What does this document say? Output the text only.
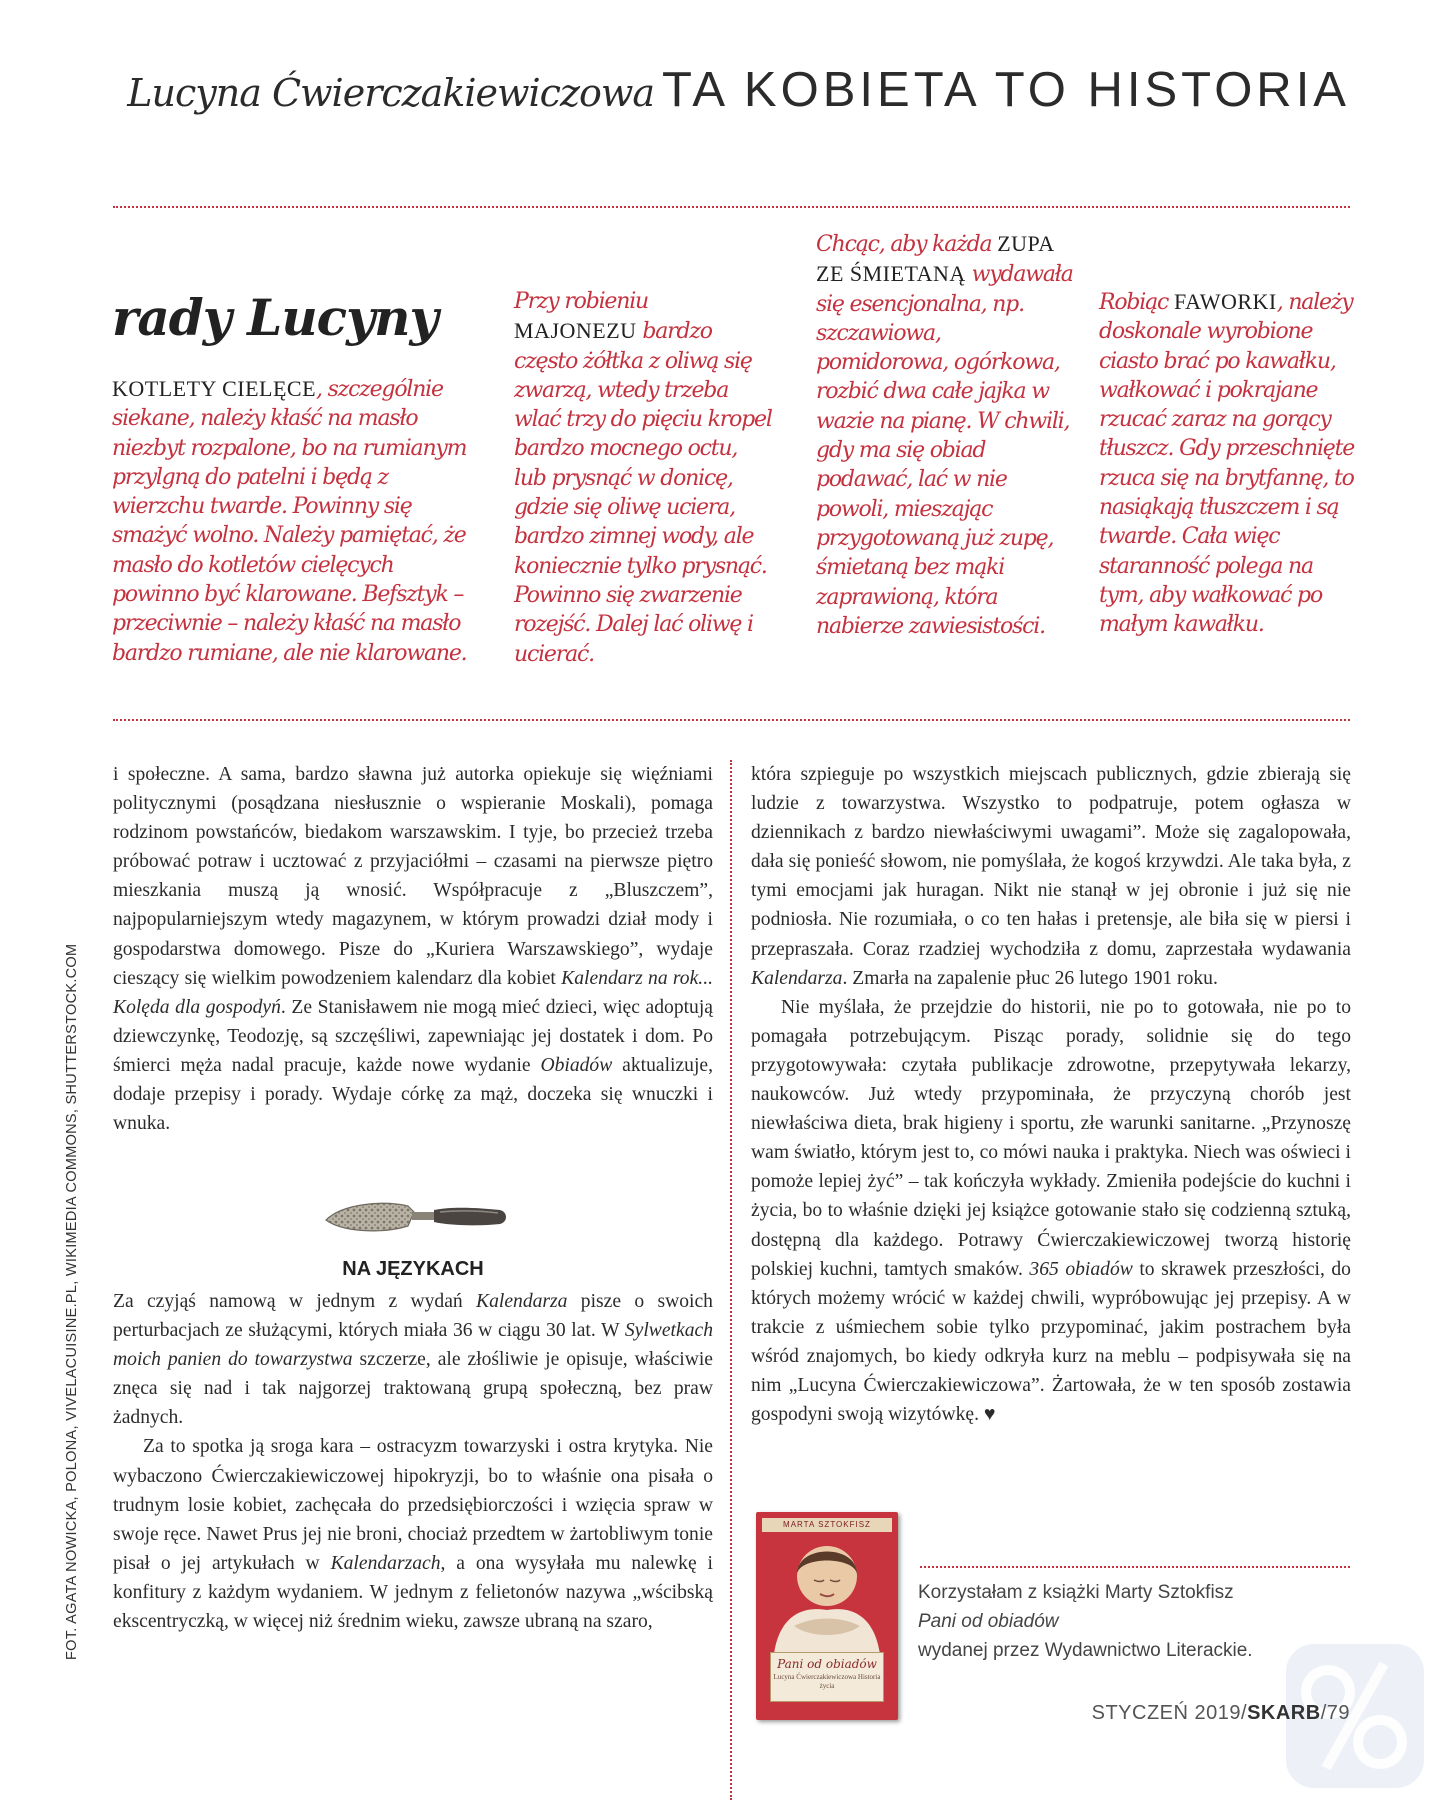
Lucyna Ćwierczakiewiczowa TA KOBIETA TO HISTORIA
rady Lucyny
KOTLETY CIELĘCE, szczególnie siekane, należy kłaść na masło niezbyt rozpalone, bo na rumianym przylgną do patelni i będą z wierzchu twarde. Powinny się smażyć wolno. Należy pamiętać, że masło do kotletów cielęcych powinno być klarowane. Befsztyk – przeciwnie – należy kłaść na masło bardzo rumiane, ale nie klarowane.
Przy robieniu MAJONEZU bardzo często żółtka z oliwą się zwarzą, wtedy trzeba wlać trzy do pięciu kropel bardzo mocnego octu, lub prysnąć w donicę, gdzie się oliwę uciera, bardzo zimnej wody, ale koniecznie tylko prysnąć. Powinno się zwarzenie rozejść. Dalej lać oliwę i ucierać.
Chcąc, aby każda ZUPA ZE ŚMIETANĄ wydawała się esencjonalna, np. szczawiowa, pomidorowa, ogórkowa, rozbić dwa całe jajka w wazie na pianę. W chwili, gdy ma się obiad podawać, lać w nie powoli, mieszając przygotowaną już zupę, śmietaną bez mąki zaprawioną, która nabierze zawiesistości.
Robiąc FAWORKI, należy doskonale wyrobione ciasto brać po kawałku, wałkować i pokrajane rzucać zaraz na gorący tłuszcz. Gdy przeschnięte rzuca się na brytfannę, to nasiąkają tłuszczem i są twarde. Cała więc staranność polega na tym, aby wałkować po małym kawałku.
FOT. AGATA NOWICKA, POLONA, VIVELACUISINE.PL, WIKIMEDIA COMMONS, SHUTTERSTOCK.COM

i społeczne. A sama, bardzo sławna już autorka opiekuje się więźniami politycznymi (posądzana niesłusznie o wspieranie Moskali), pomaga rodzinom powstańców, biedakom warszawskim. I tyje, bo przecież trzeba próbować potraw i ucztować z przyjaciółmi – czasami na pierwsze piętro mieszkania muszą ją wnosić. Współpracuje z „Bluszczem”, najpopularniejszym wtedy magazynem, w którym prowadzi dział mody i gospodarstwa domowego. Pisze do „Kuriera Warszawskiego”, wydaje cieszący się wielkim powodzeniem kalendarz dla kobiet Kalendarz na rok... Kolęda dla gospodyń. Ze Stanisławem nie mogą mieć dzieci, więc adoptują dziewczynkę, Teodozję, są szczęśliwi, zapewniając jej dostatek i dom. Po śmierci męża nadal pracuje, każde nowe wydanie Obiadów aktualizuje, dodaje przepisy i porady. Wydaje córkę za mąż, doczeka się wnuczki i wnuka.

NA JĘZYKACH

Za czyjąś namową w jednym z wydań Kalendarza pisze o swoich perturbacjach ze służącymi, których miała 36 w ciągu 30 lat. W Sylwetkach moich panien do towarzystwa szczerze, ale złośliwie je opisuje, właściwie znęca się nad i tak najgorzej traktowaną grupą społeczną, bez praw żadnych.

Za to spotka ją sroga kara – ostracyzm towarzyski i ostra krytyka. Nie wybaczono Ćwierczakiewiczowej hipokryzji, bo to właśnie ona pisała o trudnym losie kobiet, zachęcała do przedsiębiorczości i wzięcia spraw w swoje ręce. Nawet Prus jej nie broni, chociaż przedtem w żartobliwym tonie pisał o jej artykułach w Kalendarzach, a ona wysyłała mu nalewkę i konfitury z każdym wydaniem. W jednym z felietonów nazywa „wścibską ekscentryczką, w więcej niż średnim wieku, zawsze ubraną na szaro,

która szpieguje po wszystkich miejscach publicznych, gdzie zbierają się ludzie z towarzystwa. Wszystko to podpatruje, potem ogłasza w dziennikach z bardzo niewłaściwymi uwagami”. Może się zagalopowała, dała się ponieść słowom, nie pomyślała, że kogoś krzywdzi. Ale taka była, z tymi emocjami jak huragan. Nikt nie stanął w jej obronie i już się nie podniosła. Nie rozumiała, o co ten hałas i pretensje, ale biła się w piersi i przepraszała. Coraz rzadziej wychodziła z domu, zaprzestała wydawania Kalendarza. Zmarła na zapalenie płuc 26 lutego 1901 roku.

Nie myślała, że przejdzie do historii, nie po to gotowała, nie po to pomagała potrzebującym. Pisząc porady, solidnie się do tego przygotowywała: czytała publikacje zdrowotne, przepytywała lekarzy, naukowców. Już wtedy przypominała, że przyczyną chorób jest niewłaściwa dieta, brak higieny i sportu, złe warunki sanitarne. „Przynoszę wam światło, którym jest to, co mówi nauka i praktyka. Niech was oświeci i pomoże lepiej żyć” – tak kończyła wykłady. Zmieniła podejście do kuchni i życia, bo to właśnie dzięki jej książce gotowanie stało się codzienną sztuką, dostępną dla każdego. Potrawy Ćwierczakiewiczowej tworzą historię polskiej kuchni, tamtych smaków. 365 obiadów to skrawek przeszłości, do których możemy wrócić w każdej chwili, wypróbowując jej przepisy. A w trakcie z uśmiechem sobie tylko przypominać, jakim postrachem była wśród znajomych, bo kiedy odkryła kurz na meblu – podpisywała się na nim „Lucyna Ćwierczakiewiczowa”. Żartowała, że w ten sposób zostawia gospodyni swoją wizytówkę. ♥

MARTA SZTOKFISZ
Pani od obiadów
Lucyna Ćwierczakiewiczowa Historia życia
Korzystałam z książki Marty Sztokfisz
Pani od obiadów
wydanej przez Wydawnictwo Literackie.
STYCZEŃ 2019/SKARB/79
